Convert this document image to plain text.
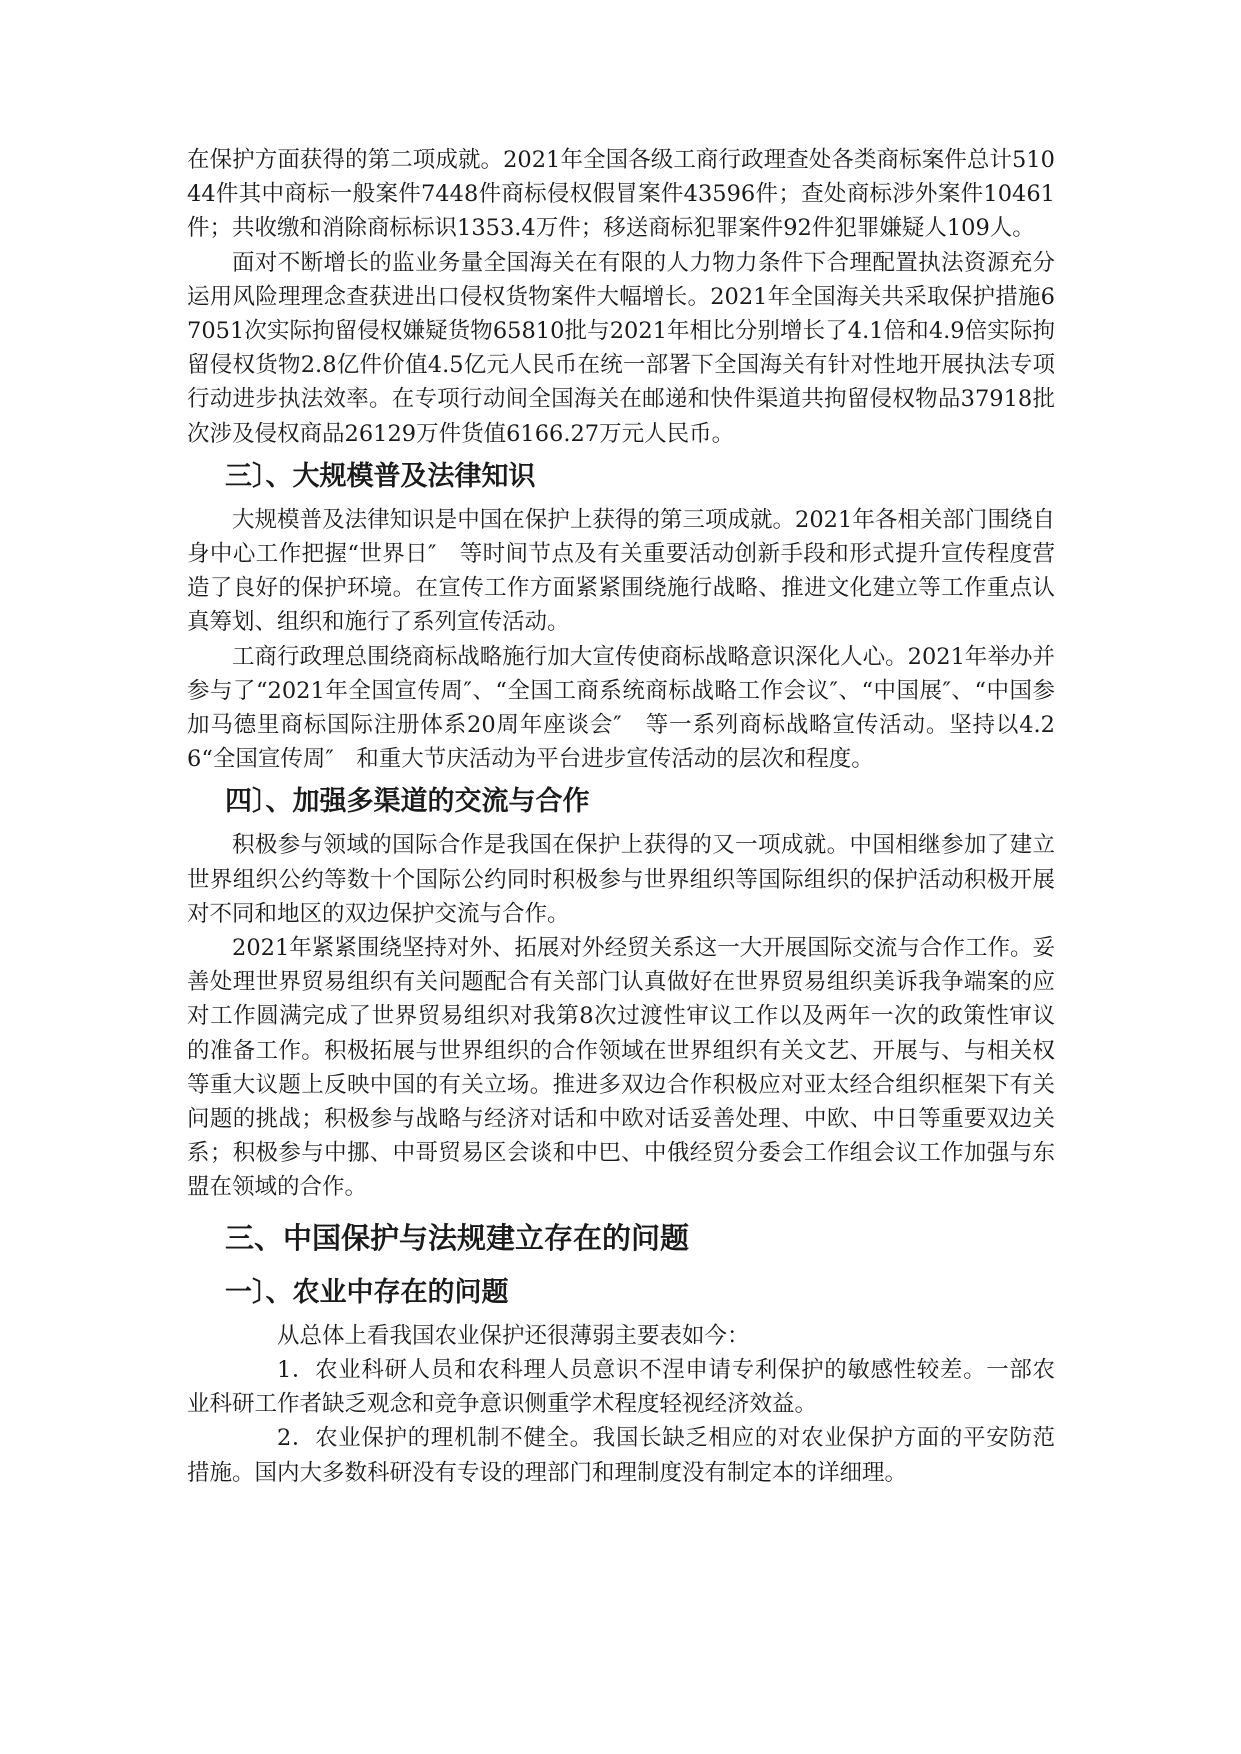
在保护方面获得的第二项成就。2021年全国各级工商行政理查处各类商标案件总计51044件其中商标一般案件7448件商标侵权假冒案件43596件；查处商标涉外案件10461件；共收缴和消除商标标识1353.4万件；移送商标犯罪案件92件犯罪嫌疑人109人。

面对不断增长的监业务量全国海关在有限的人力物力条件下合理配置执法资源充分运用风险理理念查获进出口侵权货物案件大幅增长。2021年全国海关共采取保护措施67051次实际拘留侵权嫌疑货物65810批与2021年相比分别增长了4.1倍和4.9倍实际拘留侵权货物2.8亿件价值4.5亿元人民币在统一部署下全国海关有针对性地开展执法专项行动进步执法效率。在专项行动间全国海关在邮递和快件渠道共拘留侵权物品37918批次涉及侵权商品26129万件货值6166.27万元人民币。

三〕、大规模普及法律知识

大规模普及法律知识是中国在保护上获得的第三项成就。2021年各相关部门围绕自身中心工作把握“世界日″　等时间节点及有关重要活动创新手段和形式提升宣传程度营造了良好的保护环境。在宣传工作方面紧紧围绕施行战略、推进文化建立等工作重点认真筹划、组织和施行了系列宣传活动。

工商行政理总围绕商标战略施行加大宣传使商标战略意识深化人心。2021年举办并参与了“2021年全国宣传周″、“全国工商系统商标战略工作会议″、“中国展″、“中国参加马德里商标国际注册体系20周年座谈会″　等一系列商标战略宣传活动。坚持以4.26“全国宣传周″　和重大节庆活动为平台进步宣传活动的层次和程度。

四〕、加强多渠道的交流与合作

积极参与领域的国际合作是我国在保护上获得的又一项成就。中国相继参加了建立世界组织公约等数十个国际公约同时积极参与世界组织等国际组织的保护活动积极开展对不同和地区的双边保护交流与合作。

2021年紧紧围绕坚持对外、拓展对外经贸关系这一大开展国际交流与合作工作。妥善处理世界贸易组织有关问题配合有关部门认真做好在世界贸易组织美诉我争端案的应对工作圆满完成了世界贸易组织对我第8次过渡性审议工作以及两年一次的政策性审议的准备工作。积极拓展与世界组织的合作领域在世界组织有关文艺、开展与、与相关权等重大议题上反映中国的有关立场。推进多双边合作积极应对亚太经合组织框架下有关问题的挑战；积极参与战略与经济对话和中欧对话妥善处理、中欧、中日等重要双边关系；积极参与中挪、中哥贸易区会谈和中巴、中俄经贸分委会工作组会议工作加强与东盟在领域的合作。

三、中国保护与法规建立存在的问题
一〕、农业中存在的问题

从总体上看我国农业保护还很薄弱主要表如今：

1．农业科研人员和农科理人员意识不涅申请专利保护的敏感性较差。一部农业科研工作者缺乏观念和竞争意识侧重学术程度轻视经济效益。

2．农业保护的理机制不健全。我国长缺乏相应的对农业保护方面的平安防范措施。国内大多数科研没有专设的理部门和理制度没有制定本的详细理。
